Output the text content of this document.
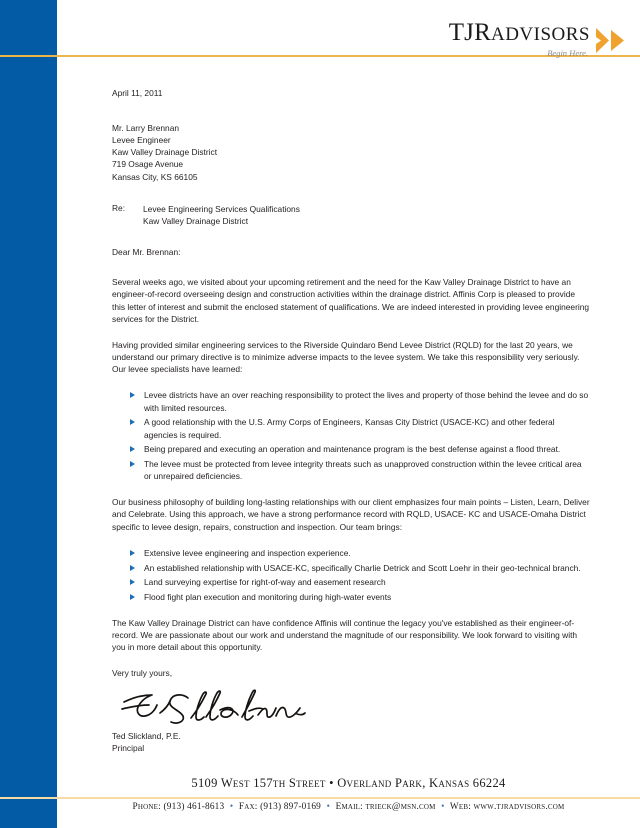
TJRADVISORS
Begin Here.
April 11, 2011
Mr. Larry Brennan
Levee Engineer
Kaw Valley Drainage District
719 Osage Avenue
Kansas City, KS 66105
Re:	Levee Engineering Services Qualifications
Kaw Valley Drainage District
Dear Mr. Brennan:

Several weeks ago, we visited about your upcoming retirement and the need for the Kaw Valley Drainage District to have an engineer-of-record overseeing design and construction activities within the drainage district. Affinis Corp is pleased to provide this letter of interest and submit the enclosed statement of qualifications. We are indeed interested in providing levee engineering services for the District.

Having provided similar engineering services to the Riverside Quindaro Bend Levee District (RQLD) for the last 20 years, we understand our primary directive is to minimize adverse impacts to the levee system. We take this responsibility very seriously. Our levee specialists have learned:

Levee districts have an over reaching responsibility to protect the lives and property of those behind the levee and do so with limited resources.
A good relationship with the U.S. Army Corps of Engineers, Kansas City District (USACE-KC) and other federal agencies is required.
Being prepared and executing an operation and maintenance program is the best defense against a flood threat.
The levee must be protected from levee integrity threats such as unapproved construction within the levee critical area or unrepaired deficiencies.

Our business philosophy of building long-lasting relationships with our client emphasizes four main points – Listen, Learn, Deliver and Celebrate. Using this approach, we have a strong performance record with RQLD, USACE- KC and USACE-Omaha District specific to levee design, repairs, construction and inspection. Our team brings:

Extensive levee engineering and inspection experience.
An established relationship with USACE-KC, specifically Charlie Detrick and Scott Loehr in their geo-technical branch.
Land surveying expertise for right-of-way and easement research
Flood fight plan execution and monitoring during high-water events

The Kaw Valley Drainage District can have confidence Affinis will continue the legacy you've established as their engineer-of-record. We are passionate about our work and understand the magnitude of our responsibility. We look forward to visiting with you in more detail about this opportunity.

Very truly yours,
Ted Slickland, P.E.
Principal
5109 West 157th Street • Overland Park, Kansas 66224
Phone: (913) 461-8613 • Fax: (913) 897-0169 • Email: trieck@msn.com • Web: www.tjradvisors.com
